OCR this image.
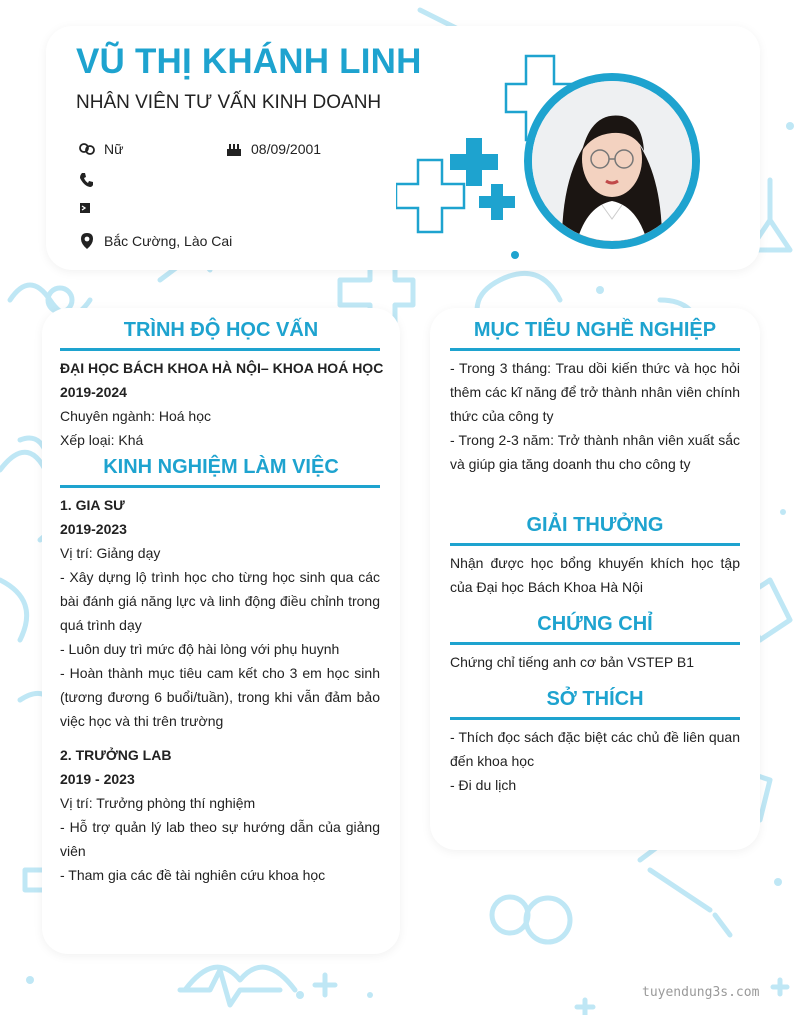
VŨ THỊ KHÁNH LINH
NHÂN VIÊN TƯ VẤN KINH DOANH
Nữ	08/09/2001
Bắc Cường, Lào Cai
TRÌNH ĐỘ HỌC VẤN
ĐẠI HỌC BÁCH KHOA HÀ NỘI– KHOA HOÁ HỌC
2019-2024
Chuyên ngành: Hoá học
Xếp loại: Khá
KINH NGHIỆM LÀM VIỆC
1. GIA SƯ
2019-2023
Vị trí: Giảng dạy
- Xây dựng lộ trình học cho từng học sinh qua các bài đánh giá năng lực và linh động điều chỉnh trong quá trình dạy
- Luôn duy trì mức độ hài lòng với phụ huynh
- Hoàn thành mục tiêu cam kết cho 3 em học sinh (tương đương 6 buổi/tuần), trong khi vẫn đảm bảo việc học và thi trên trường
2. TRƯỞNG LAB
2019 - 2023
Vị trí: Trưởng phòng thí nghiệm
- Hỗ trợ quản lý lab theo sự hướng dẫn của giảng viên
- Tham gia các đề tài nghiên cứu khoa học
MỤC TIÊU NGHỀ NGHIỆP
- Trong 3 tháng: Trau dồi kiến thức và học hỏi thêm các kĩ năng để trở thành nhân viên chính thức của công ty
- Trong 2-3 năm: Trở thành nhân viên xuất sắc và giúp gia tăng doanh thu cho công ty
GIẢI THƯỞNG
Nhận được học bổng khuyến khích học tập của Đại học Bách Khoa Hà Nội
CHỨNG CHỈ
Chứng chỉ tiếng anh cơ bản VSTEP B1
SỞ THÍCH
- Thích đọc sách đặc biệt các chủ đề liên quan đến khoa học
- Đi du lịch
tuyendung3s.com
